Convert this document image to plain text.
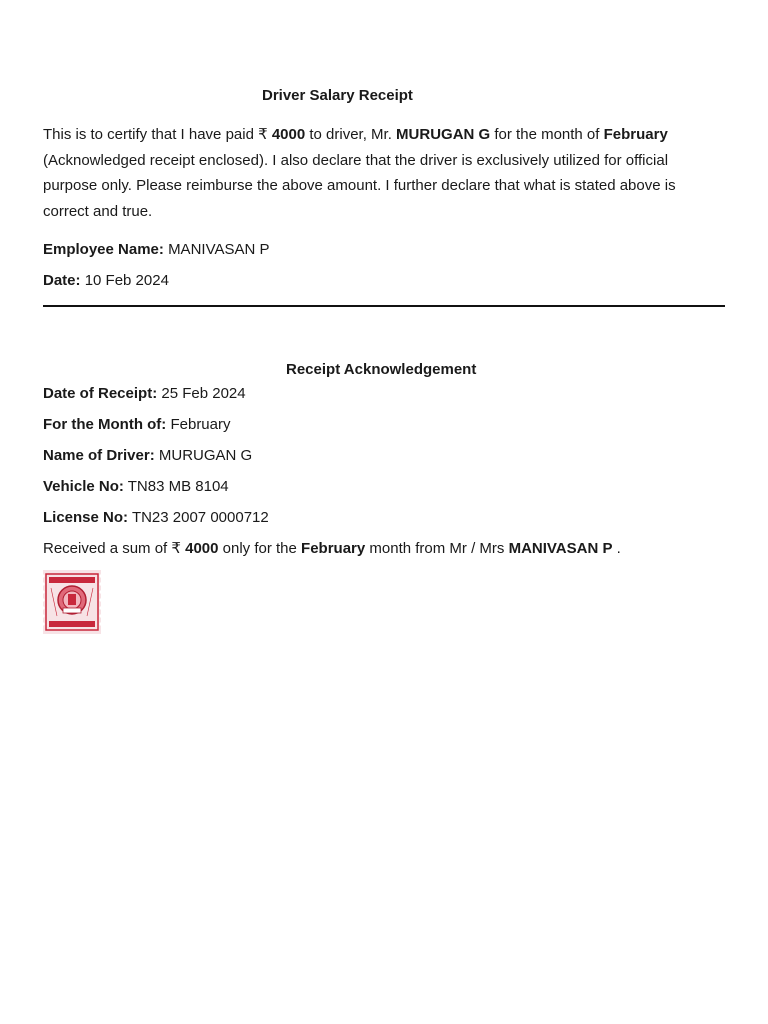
Driver Salary Receipt
This is to certify that I have paid ₹ 4000 to driver, Mr. MURUGAN G for the month of February (Acknowledged receipt enclosed). I also declare that the driver is exclusively utilized for official purpose only. Please reimburse the above amount. I further declare that what is stated above is correct and true.
Employee Name: MANIVASAN P
Date: 10 Feb 2024
Receipt Acknowledgement
Date of Receipt: 25 Feb 2024
For the Month of: February
Name of Driver: MURUGAN G
Vehicle No: TN83 MB 8104
License No: TN23 2007 0000712
Received a sum of ₹ 4000 only for the February month from Mr / Mrs MANIVASAN P .
